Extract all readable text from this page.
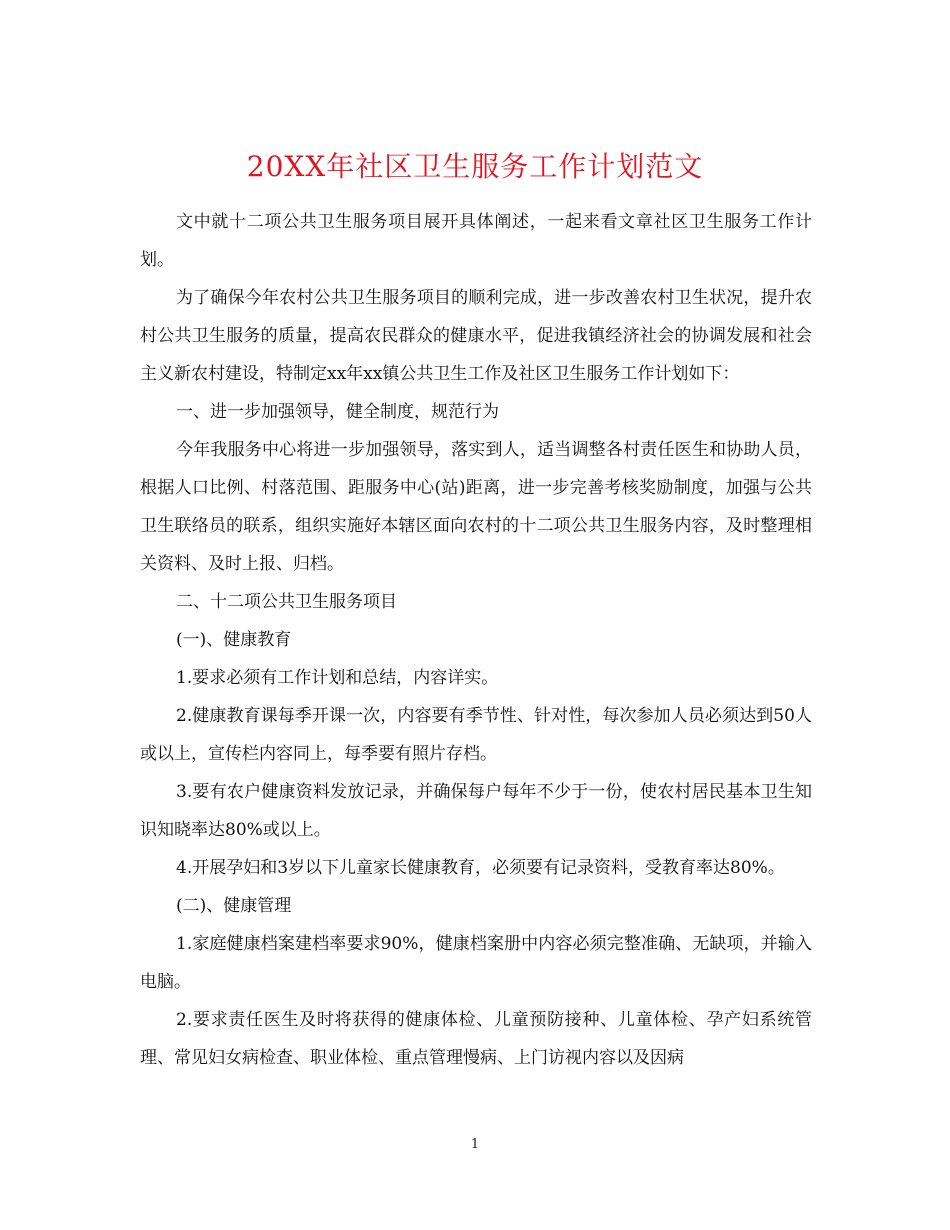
20XX年社区卫生服务工作计划范文

文中就十二项公共卫生服务项目展开具体阐述，一起来看文章社区卫生服务工作计划。

为了确保今年农村公共卫生服务项目的顺利完成，进一步改善农村卫生状况，提升农村公共卫生服务的质量，提高农民群众的健康水平，促进我镇经济社会的协调发展和社会主义新农村建设，特制定xx年xx镇公共卫生工作及社区卫生服务工作计划如下：

一、进一步加强领导，健全制度，规范行为

今年我服务中心将进一步加强领导，落实到人，适当调整各村责任医生和协助人员，根据人口比例、村落范围、距服务中心(站)距离，进一步完善考核奖励制度，加强与公共卫生联络员的联系，组织实施好本辖区面向农村的十二项公共卫生服务内容，及时整理相关资料、及时上报、归档。

二、十二项公共卫生服务项目

(一)、健康教育

1.要求必须有工作计划和总结，内容详实。

2.健康教育课每季开课一次，内容要有季节性、针对性，每次参加人员必须达到50人或以上，宣传栏内容同上，每季要有照片存档。

3.要有农户健康资料发放记录，并确保每户每年不少于一份，使农村居民基本卫生知识知晓率达80%或以上。

4.开展孕妇和3岁以下儿童家长健康教育，必须要有记录资料，受教育率达80%。

(二)、健康管理

1.家庭健康档案建档率要求90%，健康档案册中内容必须完整准确、无缺项，并输入电脑。

2.要求责任医生及时将获得的健康体检、儿童预防接种、儿童体检、孕产妇系统管理、常见妇女病检查、职业体检、重点管理慢病、上门访视内容以及因病

1
